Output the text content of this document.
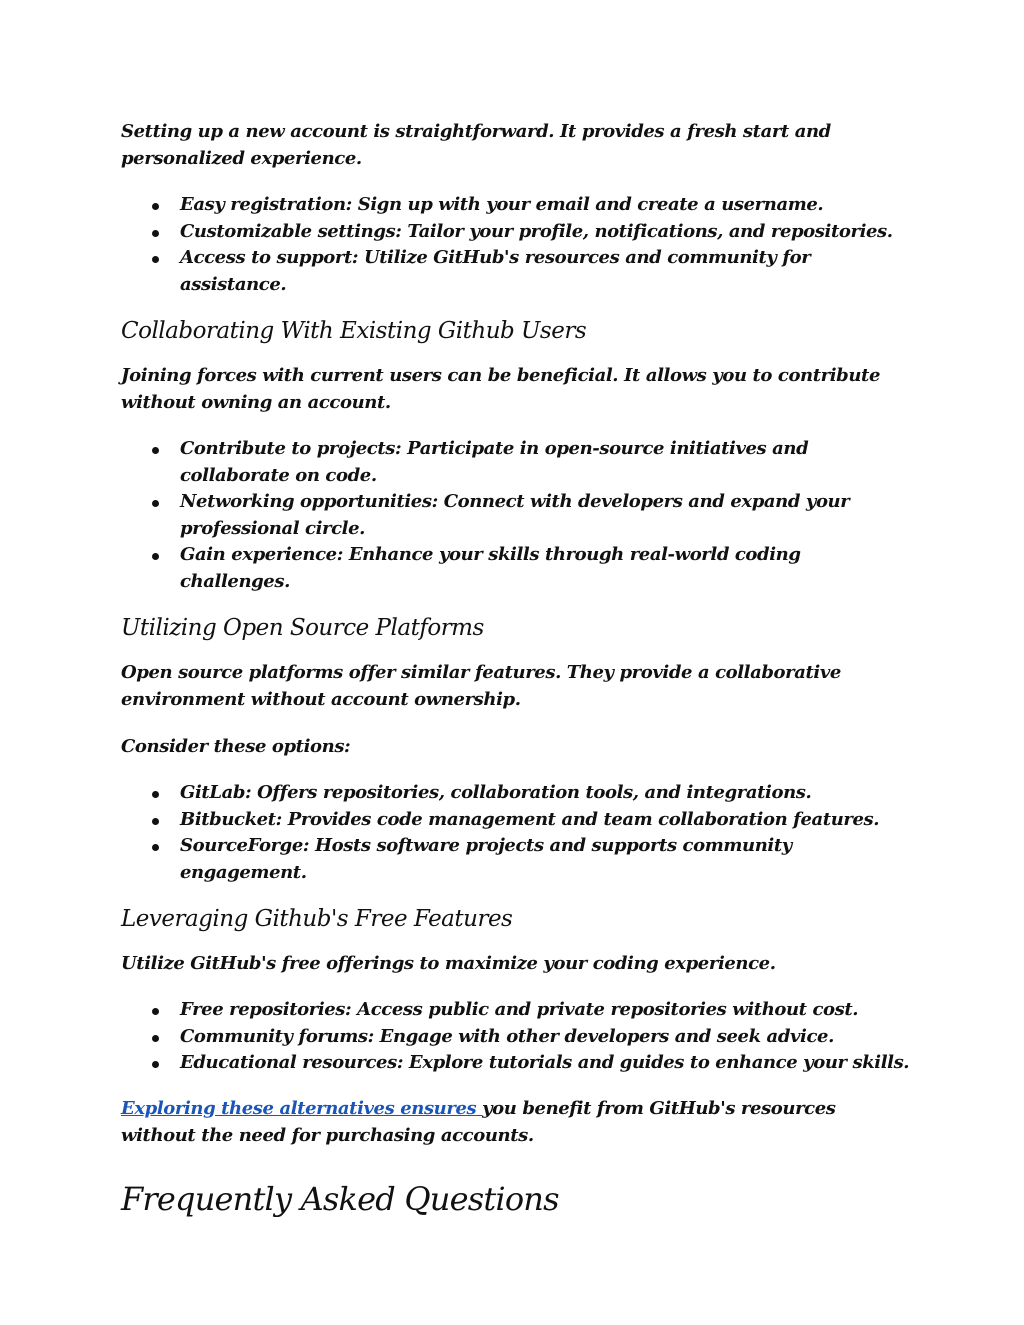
Setting up a new account is straightforward. It provides a fresh start and personalized experience.

Easy registration: Sign up with your email and create a username.
Customizable settings: Tailor your profile, notifications, and repositories.
Access to support: Utilize GitHub's resources and community for assistance.
Collaborating With Existing Github Users

Joining forces with current users can be beneficial. It allows you to contribute without owning an account.

Contribute to projects: Participate in open-source initiatives and collaborate on code.
Networking opportunities: Connect with developers and expand your professional circle.
Gain experience: Enhance your skills through real-world coding challenges.
Utilizing Open Source Platforms

Open source platforms offer similar features. They provide a collaborative environment without account ownership.

Consider these options:

GitLab: Offers repositories, collaboration tools, and integrations.
Bitbucket: Provides code management and team collaboration features.
SourceForge: Hosts software projects and supports community engagement.
Leveraging Github's Free Features

Utilize GitHub's free offerings to maximize your coding experience.

Free repositories: Access public and private repositories without cost.
Community forums: Engage with other developers and seek advice.
Educational resources: Explore tutorials and guides to enhance your skills.

Exploring these alternatives ensures you benefit from GitHub's resources without the need for purchasing accounts.

Frequently Asked Questions
